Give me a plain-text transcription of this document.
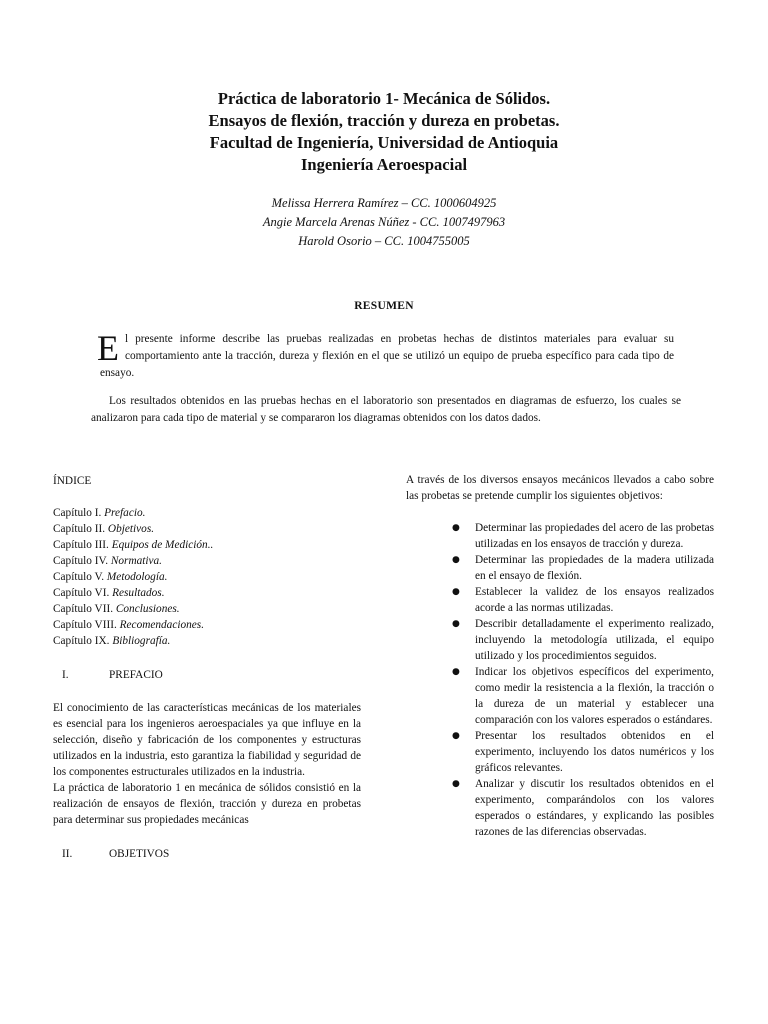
Práctica de laboratorio 1- Mecánica de Sólidos.

Ensayos de flexión, tracción y dureza en probetas.

Facultad de Ingeniería, Universidad de Antioquia

Ingeniería Aeroespacial

Melissa Herrera Ramírez – CC. 1000604925
Angie Marcela Arenas Núñez - CC. 1007497963
Harold Osorio – CC. 1004755005
RESUMEN

El presente informe describe las pruebas realizadas en probetas hechas de distintos materiales para evaluar su comportamiento ante la tracción, dureza y flexión en el que se utilizó un equipo de prueba específico para cada tipo de ensayo.

Los resultados obtenidos en las pruebas hechas en el laboratorio son presentados en diagramas de esfuerzo, los cuales se analizaron para cada tipo de material y se compararon los diagramas obtenidos con los datos dados.

ÍNDICE

Capítulo I. Prefacio.
Capítulo II. Objetivos.
Capítulo III. Equipos de Medición..
Capítulo IV. Normativa.
Capítulo V. Metodología.
Capítulo VI. Resultados.
Capítulo VII. Conclusiones.
Capítulo VIII. Recomendaciones.
Capítulo IX. Bibliografía.
I.	PREFACIO

El conocimiento de las características mecánicas de los materiales es esencial para los ingenieros aeroespaciales ya que influye en la selección, diseño y fabricación de los componentes y estructuras utilizados en la industria, esto garantiza la fiabilidad y seguridad de los componentes estructurales utilizados en la industria.

La práctica de laboratorio 1 en mecánica de sólidos consistió en la realización de ensayos de flexión, tracción y dureza en probetas para determinar sus propiedades mecánicas

II.	OBJETIVOS

A través de los diversos ensayos mecánicos llevados a cabo sobre las probetas se pretende cumplir los siguientes objetivos:

● Determinar las propiedades del acero de las probetas utilizadas en los ensayos de tracción y dureza.
● Determinar las propiedades de la madera utilizada en el ensayo de flexión.
● Establecer la validez de los ensayos realizados acorde a las normas utilizadas.
● Describir detalladamente el experimento realizado, incluyendo la metodología utilizada, el equipo utilizado y los procedimientos seguidos.
● Indicar los objetivos específicos del experimento, como medir la resistencia a la flexión, la tracción o la dureza de un material y establecer una comparación con los valores esperados o estándares.
● Presentar los resultados obtenidos en el experimento, incluyendo los datos numéricos y los gráficos relevantes.
● Analizar y discutir los resultados obtenidos en el experimento, comparándolos con los valores esperados o estándares, y explicando las posibles razones de las diferencias observadas.
